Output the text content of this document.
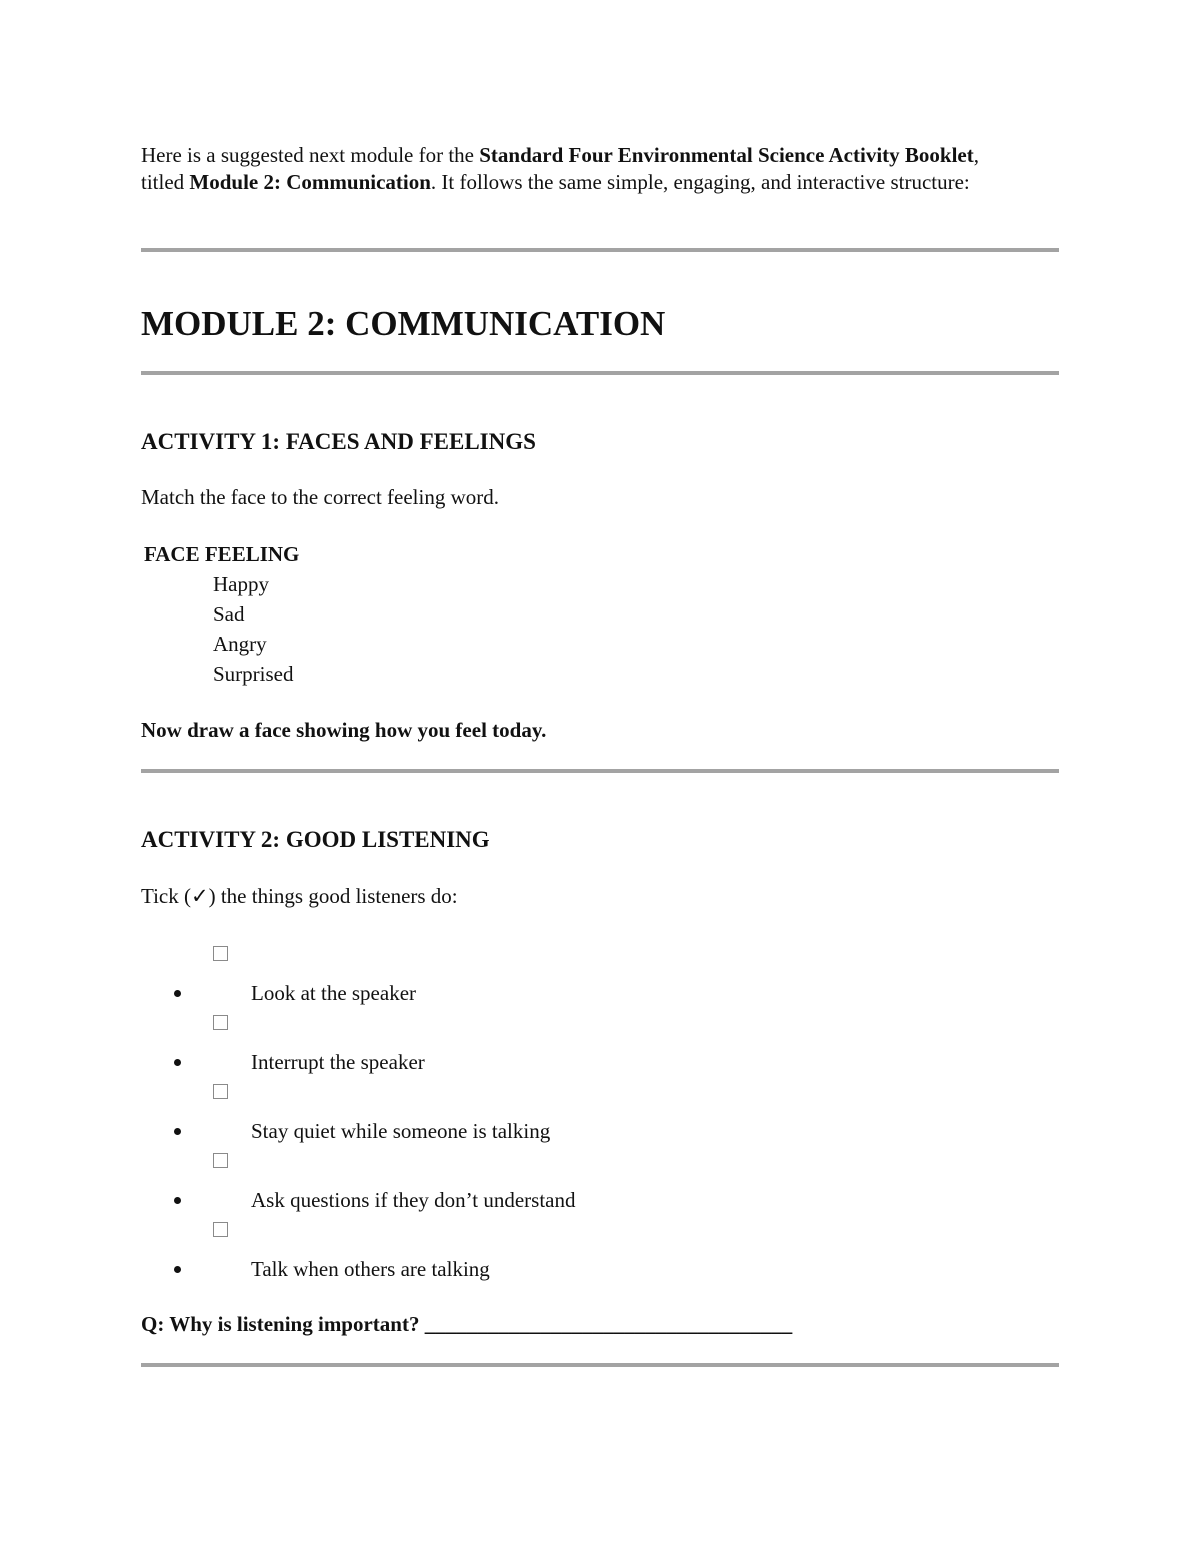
Here is a suggested next module for the Standard Four Environmental Science Activity Booklet, titled Module 2: Communication. It follows the same simple, engaging, and interactive structure:
MODULE 2: COMMUNICATION
ACTIVITY 1: FACES AND FEELINGS
Match the face to the correct feeling word.
FACE FEELING
Happy
Sad
Angry
Surprised
Now draw a face showing how you feel today.
ACTIVITY 2: GOOD LISTENING
Tick (✓) the things good listeners do:
Look at the speaker
Interrupt the speaker
Stay quiet while someone is talking
Ask questions if they don’t understand
Talk when others are talking
Q: Why is listening important? ___________________________________
